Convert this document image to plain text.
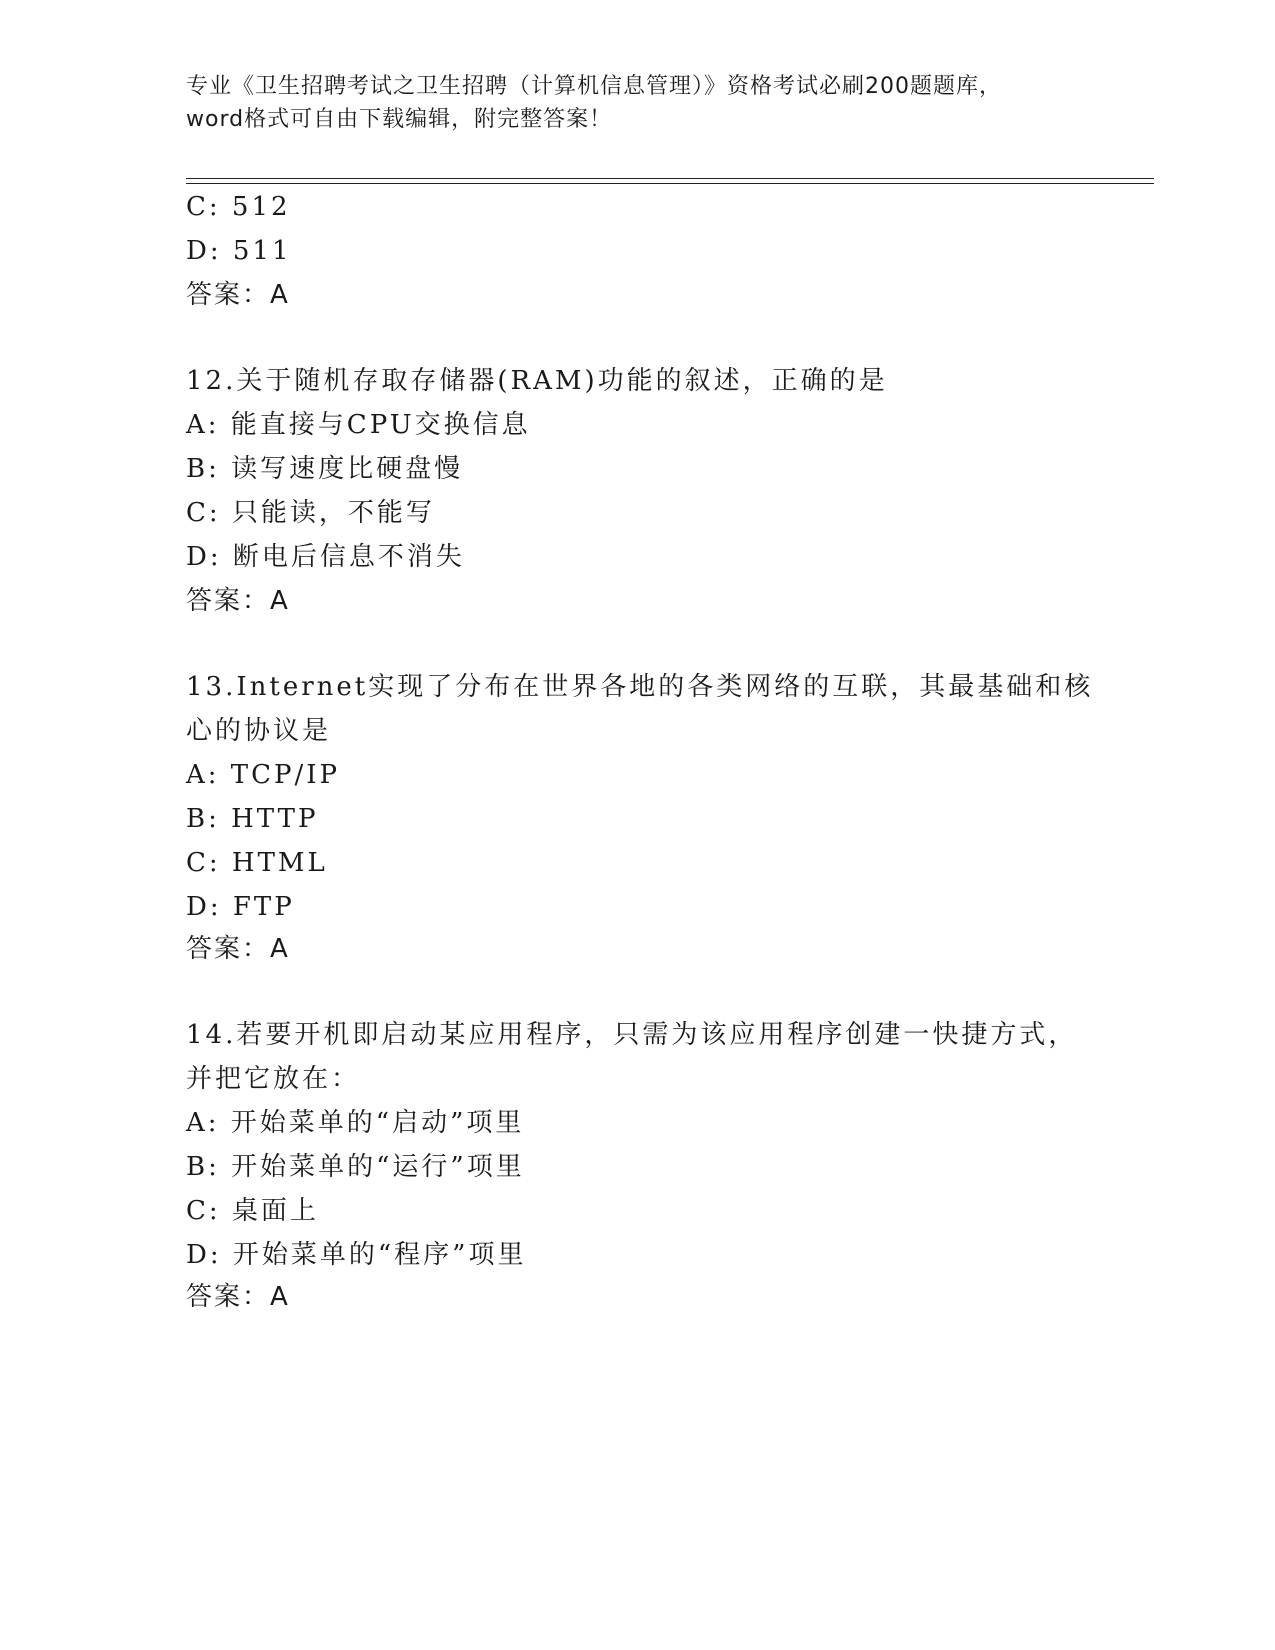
专业《卫生招聘考试之卫生招聘（计算机信息管理）》资格考试必刷200题题库，
word格式可自由下载编辑，附完整答案！
C: 512
D: 511
答案：A
12.关于随机存取存储器(RAM)功能的叙述，正确的是
A: 能直接与CPU交换信息
B: 读写速度比硬盘慢
C: 只能读，不能写
D: 断电后信息不消失
答案：A
13.Internet实现了分布在世界各地的各类网络的互联，其最基础和核
心的协议是
A: TCP/IP
B: HTTP
C: HTML
D: FTP
答案：A
14.若要开机即启动某应用程序，只需为该应用程序创建一快捷方式，
并把它放在：
A: 开始菜单的“启动”项里
B: 开始菜单的“运行”项里
C: 桌面上
D: 开始菜单的“程序”项里
答案：A
